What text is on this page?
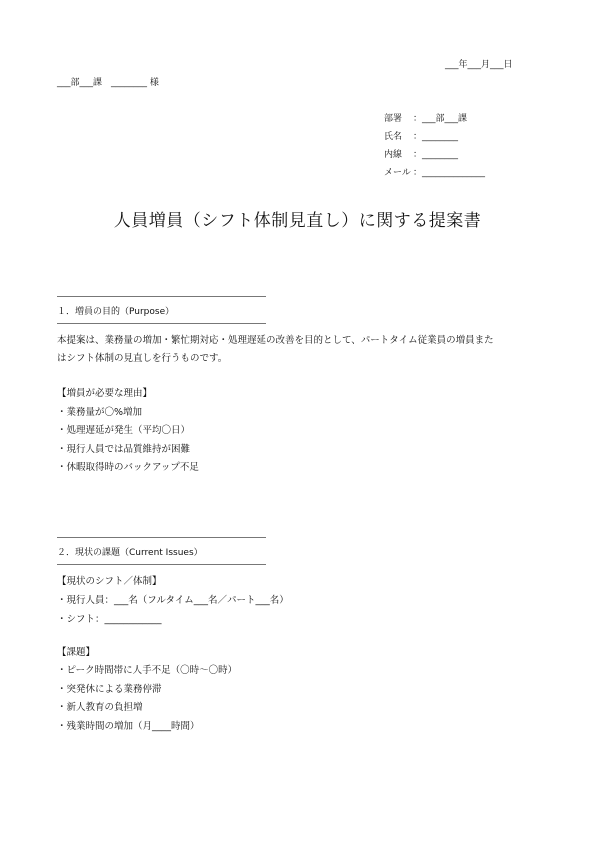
___年___月___日
___部___課　________ 様
部署 ：___部___課
氏名 ：________
内線 ：________
メール ：______________
人員増員（シフト体制見直し）に関する提案書
１．増員の目的（Purpose）
本提案は、業務量の増加・繁忙期対応・処理遅延の改善を目的として、パートタイム従業員の増員また
はシフト体制の見直しを行うものです。
【増員が必要な理由】
・業務量が〇%増加
・処理遅延が発生（平均〇日）
・現行人員では品質維持が困難
・休暇取得時のバックアップ不足
２．現状の課題（Current Issues）
【現状のシフト／体制】
・現行人員：___名（フルタイム___名／パート___名）
・シフト：____________
【課題】
・ピーク時間帯に人手不足（〇時～〇時）
・突発休による業務停滞
・新人教育の負担増
・残業時間の増加（月____時間）
